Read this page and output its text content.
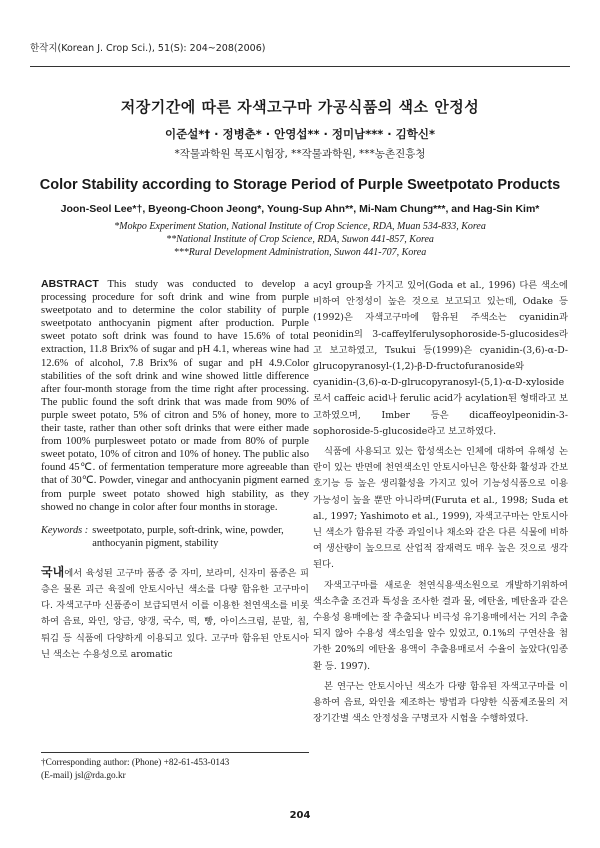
한작지(Korean J. Crop Sci.), 51(S): 204~208(2006)
저장기간에 따른 자색고구마 가공식품의 색소 안정성
이준설*† · 정병춘* · 안영섭** · 정미남*** · 김학신*
*작물과학원 목포시험장, **작물과학원, ***농촌진흥청
Color Stability according to Storage Period of Purple Sweetpotato Products
Joon-Seol Lee*†, Byeong-Choon Jeong*, Young-Sup Ahn**, Mi-Nam Chung***, and Hag-Sin Kim*
*Mokpo Experiment Station, National Institute of Crop Science, RDA, Muan 534-833, Korea
**National Institute of Crop Science, RDA, Suwon 441-857, Korea
***Rural Development Administration, Suwon 441-707, Korea

ABSTRACT This study was conducted to develop a processing procedure for soft drink and wine from purple sweetpotato and to determine the color stability of purple sweetpotato anthocyanin pigment after production. Purple sweet potato soft drink was found to have 15.6% of total extraction, 11.8 Brix% of sugar and pH 4.1, whereas wine had 12.6% of alcohol, 7.8 Brix% of sugar and pH 4.9.Color stabilities of the soft drink and wine showed little difference after four-month storage from the time right after processing. The public found the soft drink that was made from 90% of purple sweet potato, 5% of citron and 5% of honey, more to their taste, rather than other soft drinks that were either made from 100% purplesweet potato or made from 80% of purple sweet potato, 10% of citron and 10% of honey. The public also found 45℃. of fermentation temperature more agreeable than that of 30℃. Powder, vinegar and anthocyanin pigment earned from purple sweet potato showed high stability, as they showed no change in color after four months in storage.

Keywords : sweetpotato, purple, soft-drink, wine, powder, anthocyanin pigment, stability

국내에서 육성된 고구마 품종 중 자미, 보라미, 신자미 품종은 피층은 물론 괴근 육질에 안토시아닌 색소를 다량 함유한 고구마이다. 자색고구마 신품종이 보급되면서 이를 이용한 천연색소를 비롯하여 음료, 와인, 앙금, 양갱, 국수, 떡, 빵, 아이스크림, 분말, 칩, 튀김 등 식품에 다양하게 이용되고 있다. 고구마 함유된 안토시아닌 색소는 수용성으로 aromatic

acyl group을 가지고 있어(Goda et al., 1996) 다른 색소에 비하여 안정성이 높은 것으로 보고되고 있는데, Odake 등(1992)은 자색고구마에 함유된 주색소는 cyanidin과 peonidin의 3-caffeylferulysophoroside-5-glucosides라고 보고하였고, Tsukui 등(1999)은 cyanidin-(3,6)-α-D-glrucopyranosyl-(1,2)-β-D-fructofuranoside와 cyanidin-(3,6)-α-D-glrucopyranosyl-(5,1)-α-D-xyloside로서 caffeic acid나 ferulic acid가 acylation된 형태라고 보고하였으며, Imber 등은 dicaffeoylpeonidin-3-sophoroside-5-glucoside라고 보고하였다.

식품에 사용되고 있는 합성색소는 인체에 대하여 유해성 논란이 있는 반면에 천연색소인 안토시아닌은 항산화 활성과 간보호기능 등 높은 생리활성을 가지고 있어 기능성식품으로 이용 가능성이 높을 뿐만 아니라며(Furuta et al., 1998; Suda et al., 1997; Yashimoto et al., 1999), 자색고구마는 안토시아닌 색소가 함유된 각종 과일이나 채소와 같은 다른 식물에 비하여 생산량이 높으므로 산업적 잠재력도 매우 높은 것으로 생각된다.

자색고구마를 새로운 천연식용색소원으로 개발하기위하여 색소추출 조건과 특성을 조사한 결과 물, 에탄올, 메탄올과 같은 수용성 용매에는 잘 추출되나 비극성 유기용매에서는 거의 추출되지 않아 수용성 색소임을 알수 있었고, 0.1%의 구연산을 첨가한 20%의 에탄올 용액이 추출용매로서 수율이 높았다(임종환 등. 1997).

본 연구는 안토시아닌 색소가 다량 함유된 자색고구마를 이용하여 음료, 와인을 제조하는 방법과 다양한 식품제조물의 저장기간별 색소 안정성을 구명코자 시험을 수행하였다.

†Corresponding author: (Phone) +82-61-453-0143
(E-mail) jsl@rda.go.kr
204
